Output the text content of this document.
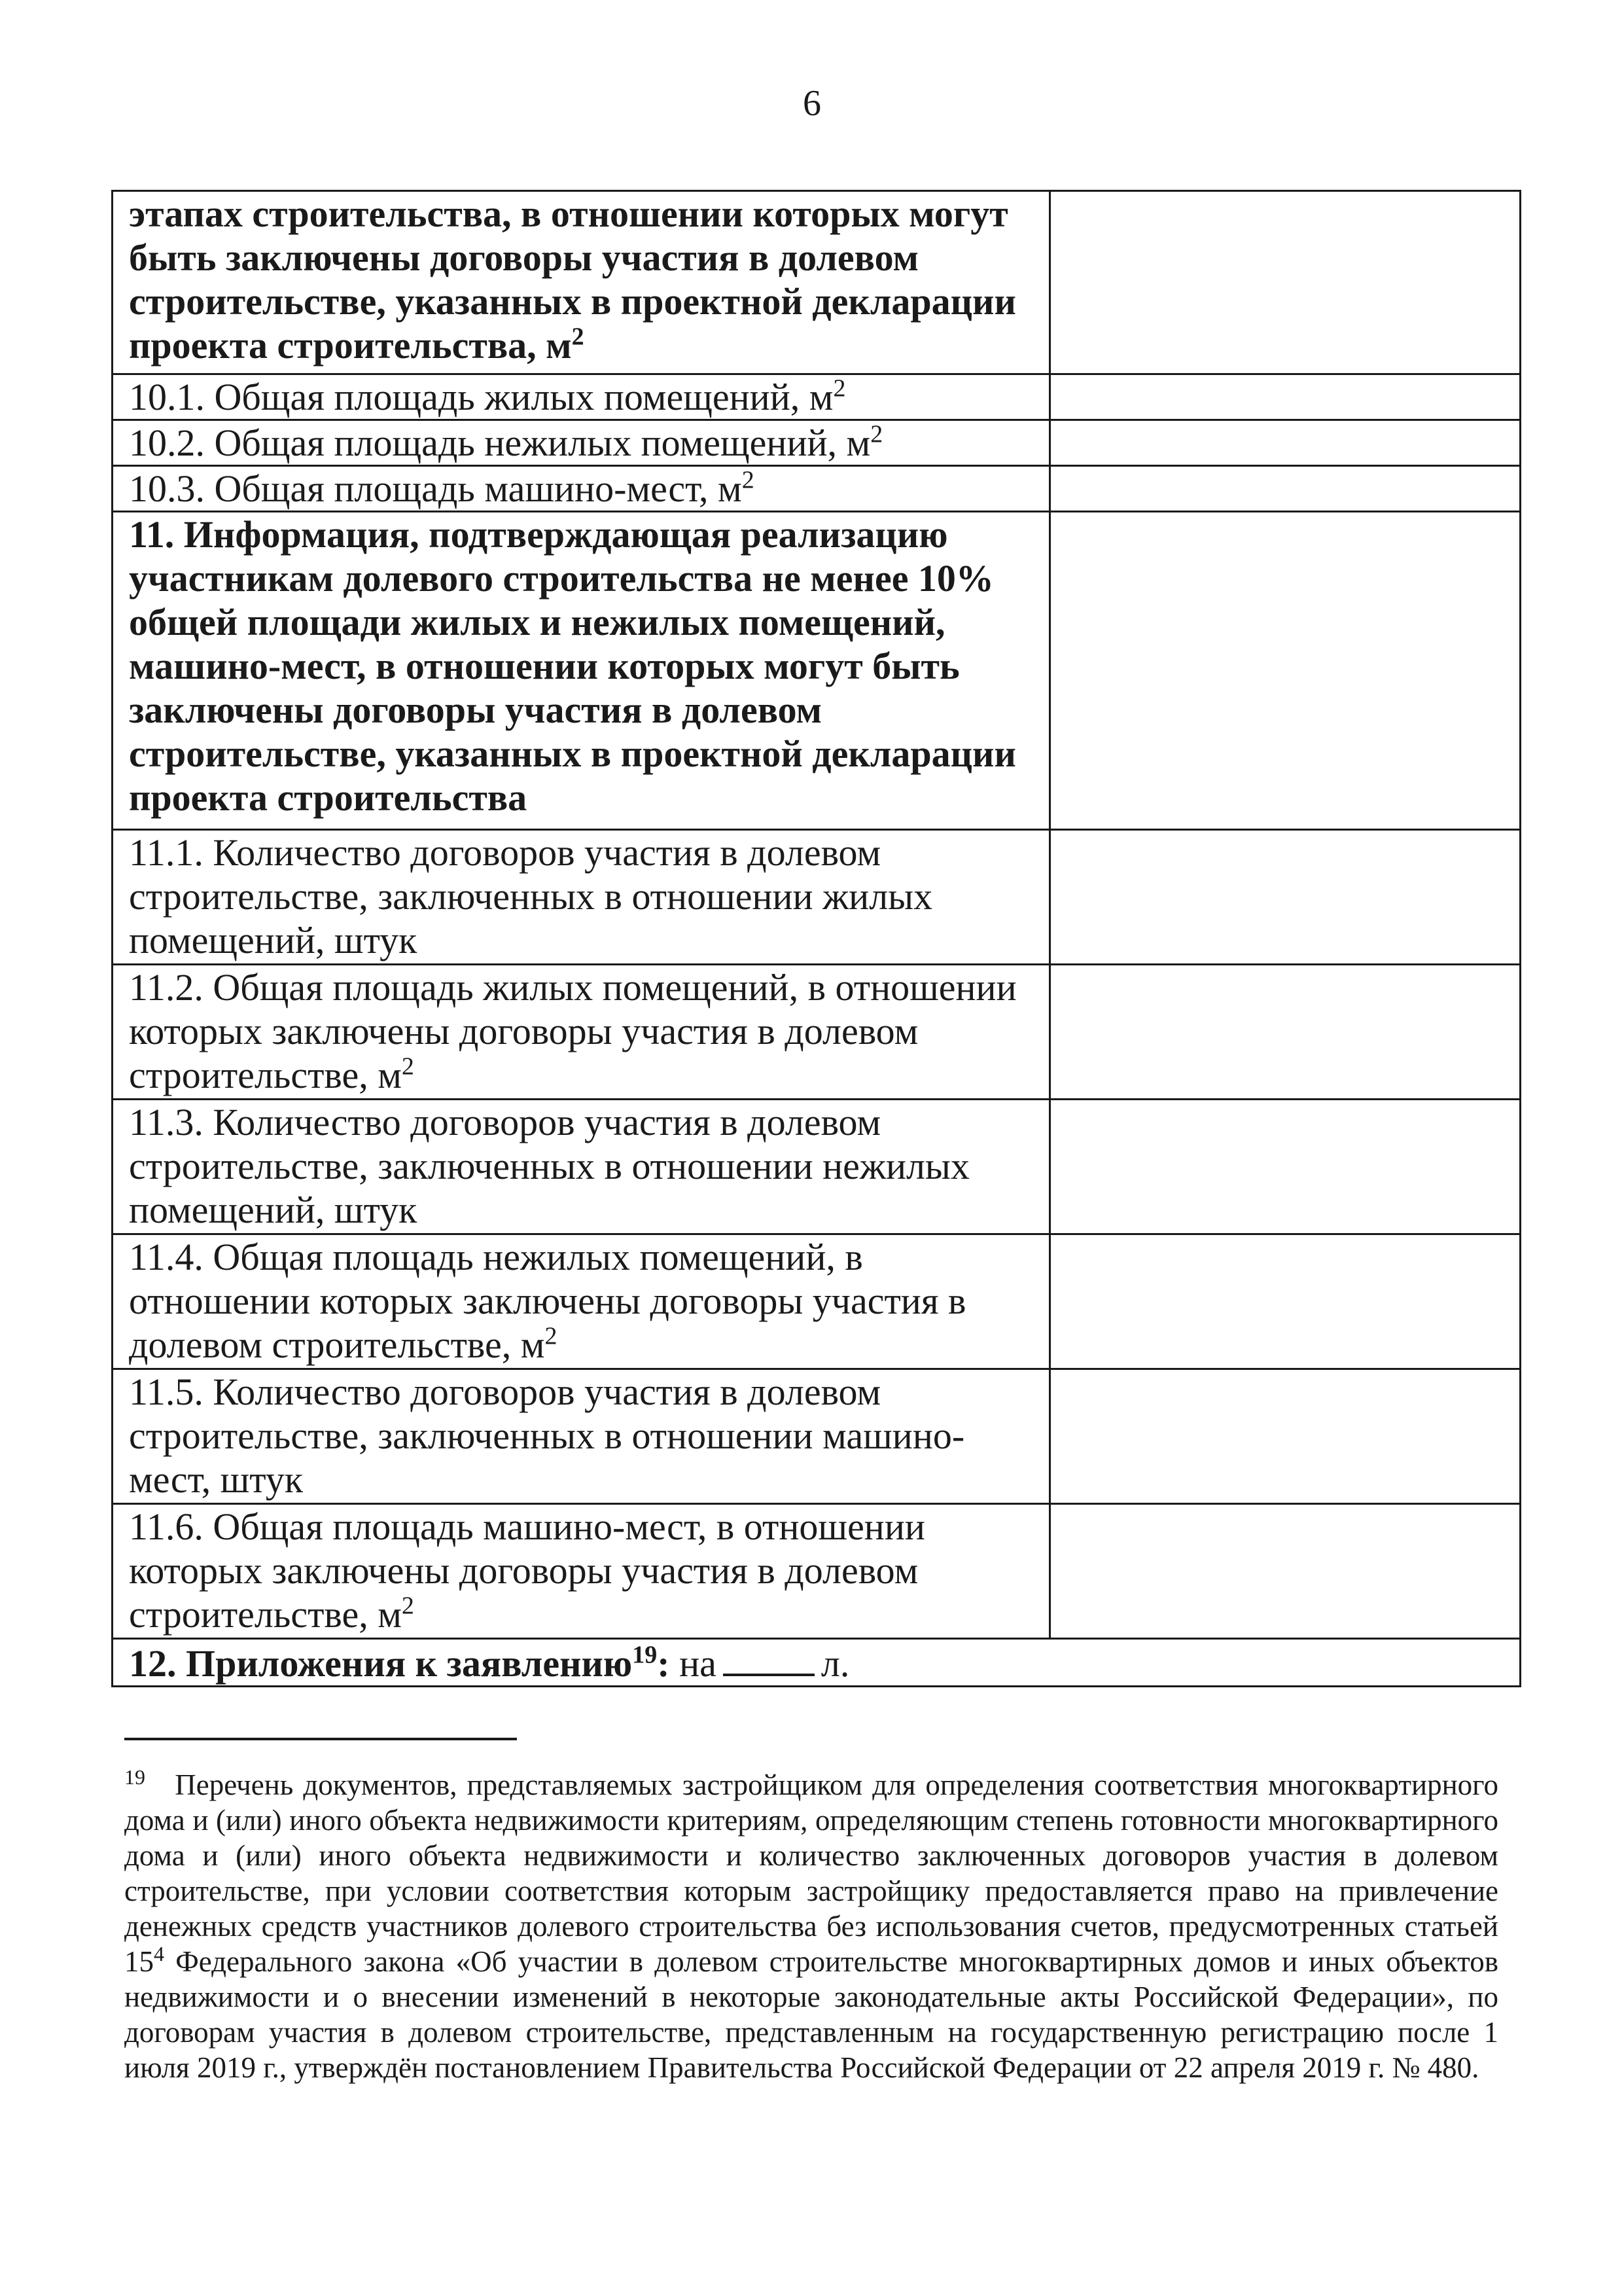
6
этапах строительства, в отношении которых могут быть заключены договоры участия в долевом строительстве, указанных в проектной декларации проекта строительства, $м^2$	
10.1. Общая площадь жилых помещений, $м^2$	
10.2. Общая площадь нежилых помещений, $м^2$	
10.3. Общая площадь машино-мест, $м^2$	
11. Информация, подтверждающая реализацию участникам долевого строительства не менее 10% общей площади жилых и нежилых помещений, машино-мест, в отношении которых могут быть заключены договоры участия в долевом строительстве, указанных в проектной декларации проекта строительства	
11.1. Количество договоров участия в долевом строительстве, заключенных в отношении жилых помещений, штук	
11.2. Общая площадь жилых помещений, в отношении которых заключены договоры участия в долевом строительстве, $м^2$	
11.3. Количество договоров участия в долевом строительстве, заключенных в отношении нежилых помещений, штук	
11.4. Общая площадь нежилых помещений, в отношении которых заключены договоры участия в долевом строительстве, $м^2$	
11.5. Количество договоров участия в долевом строительстве, заключенных в отношении машино-мест, штук	
11.6. Общая площадь машино-мест, в отношении которых заключены договоры участия в долевом строительстве, $м^2$	
12. Приложения к заявлению$^{19}$: на л.	
$^{19}$ Перечень документов, представляемых застройщиком для определения соответствия многоквартирного дома и (или) иного объекта недвижимости критериям, определяющим степень готовности многоквартирного дома и (или) иного объекта недвижимости и количество заключенных договоров участия в долевом строительстве, при условии соответствия которым застройщику предоставляется право на привлечение денежных средств участников долевого строительства без использования счетов, предусмотренных статьей $15^4$ Федерального закона «Об участии в долевом строительстве многоквартирных домов и иных объектов недвижимости и о внесении изменений в некоторые законодательные акты Российской Федерации», по договорам участия в долевом строительстве, представленным на государственную регистрацию после 1 июля 2019 г., утверждён постановлением Правительства Российской Федерации от 22 апреля 2019 г. № 480.
